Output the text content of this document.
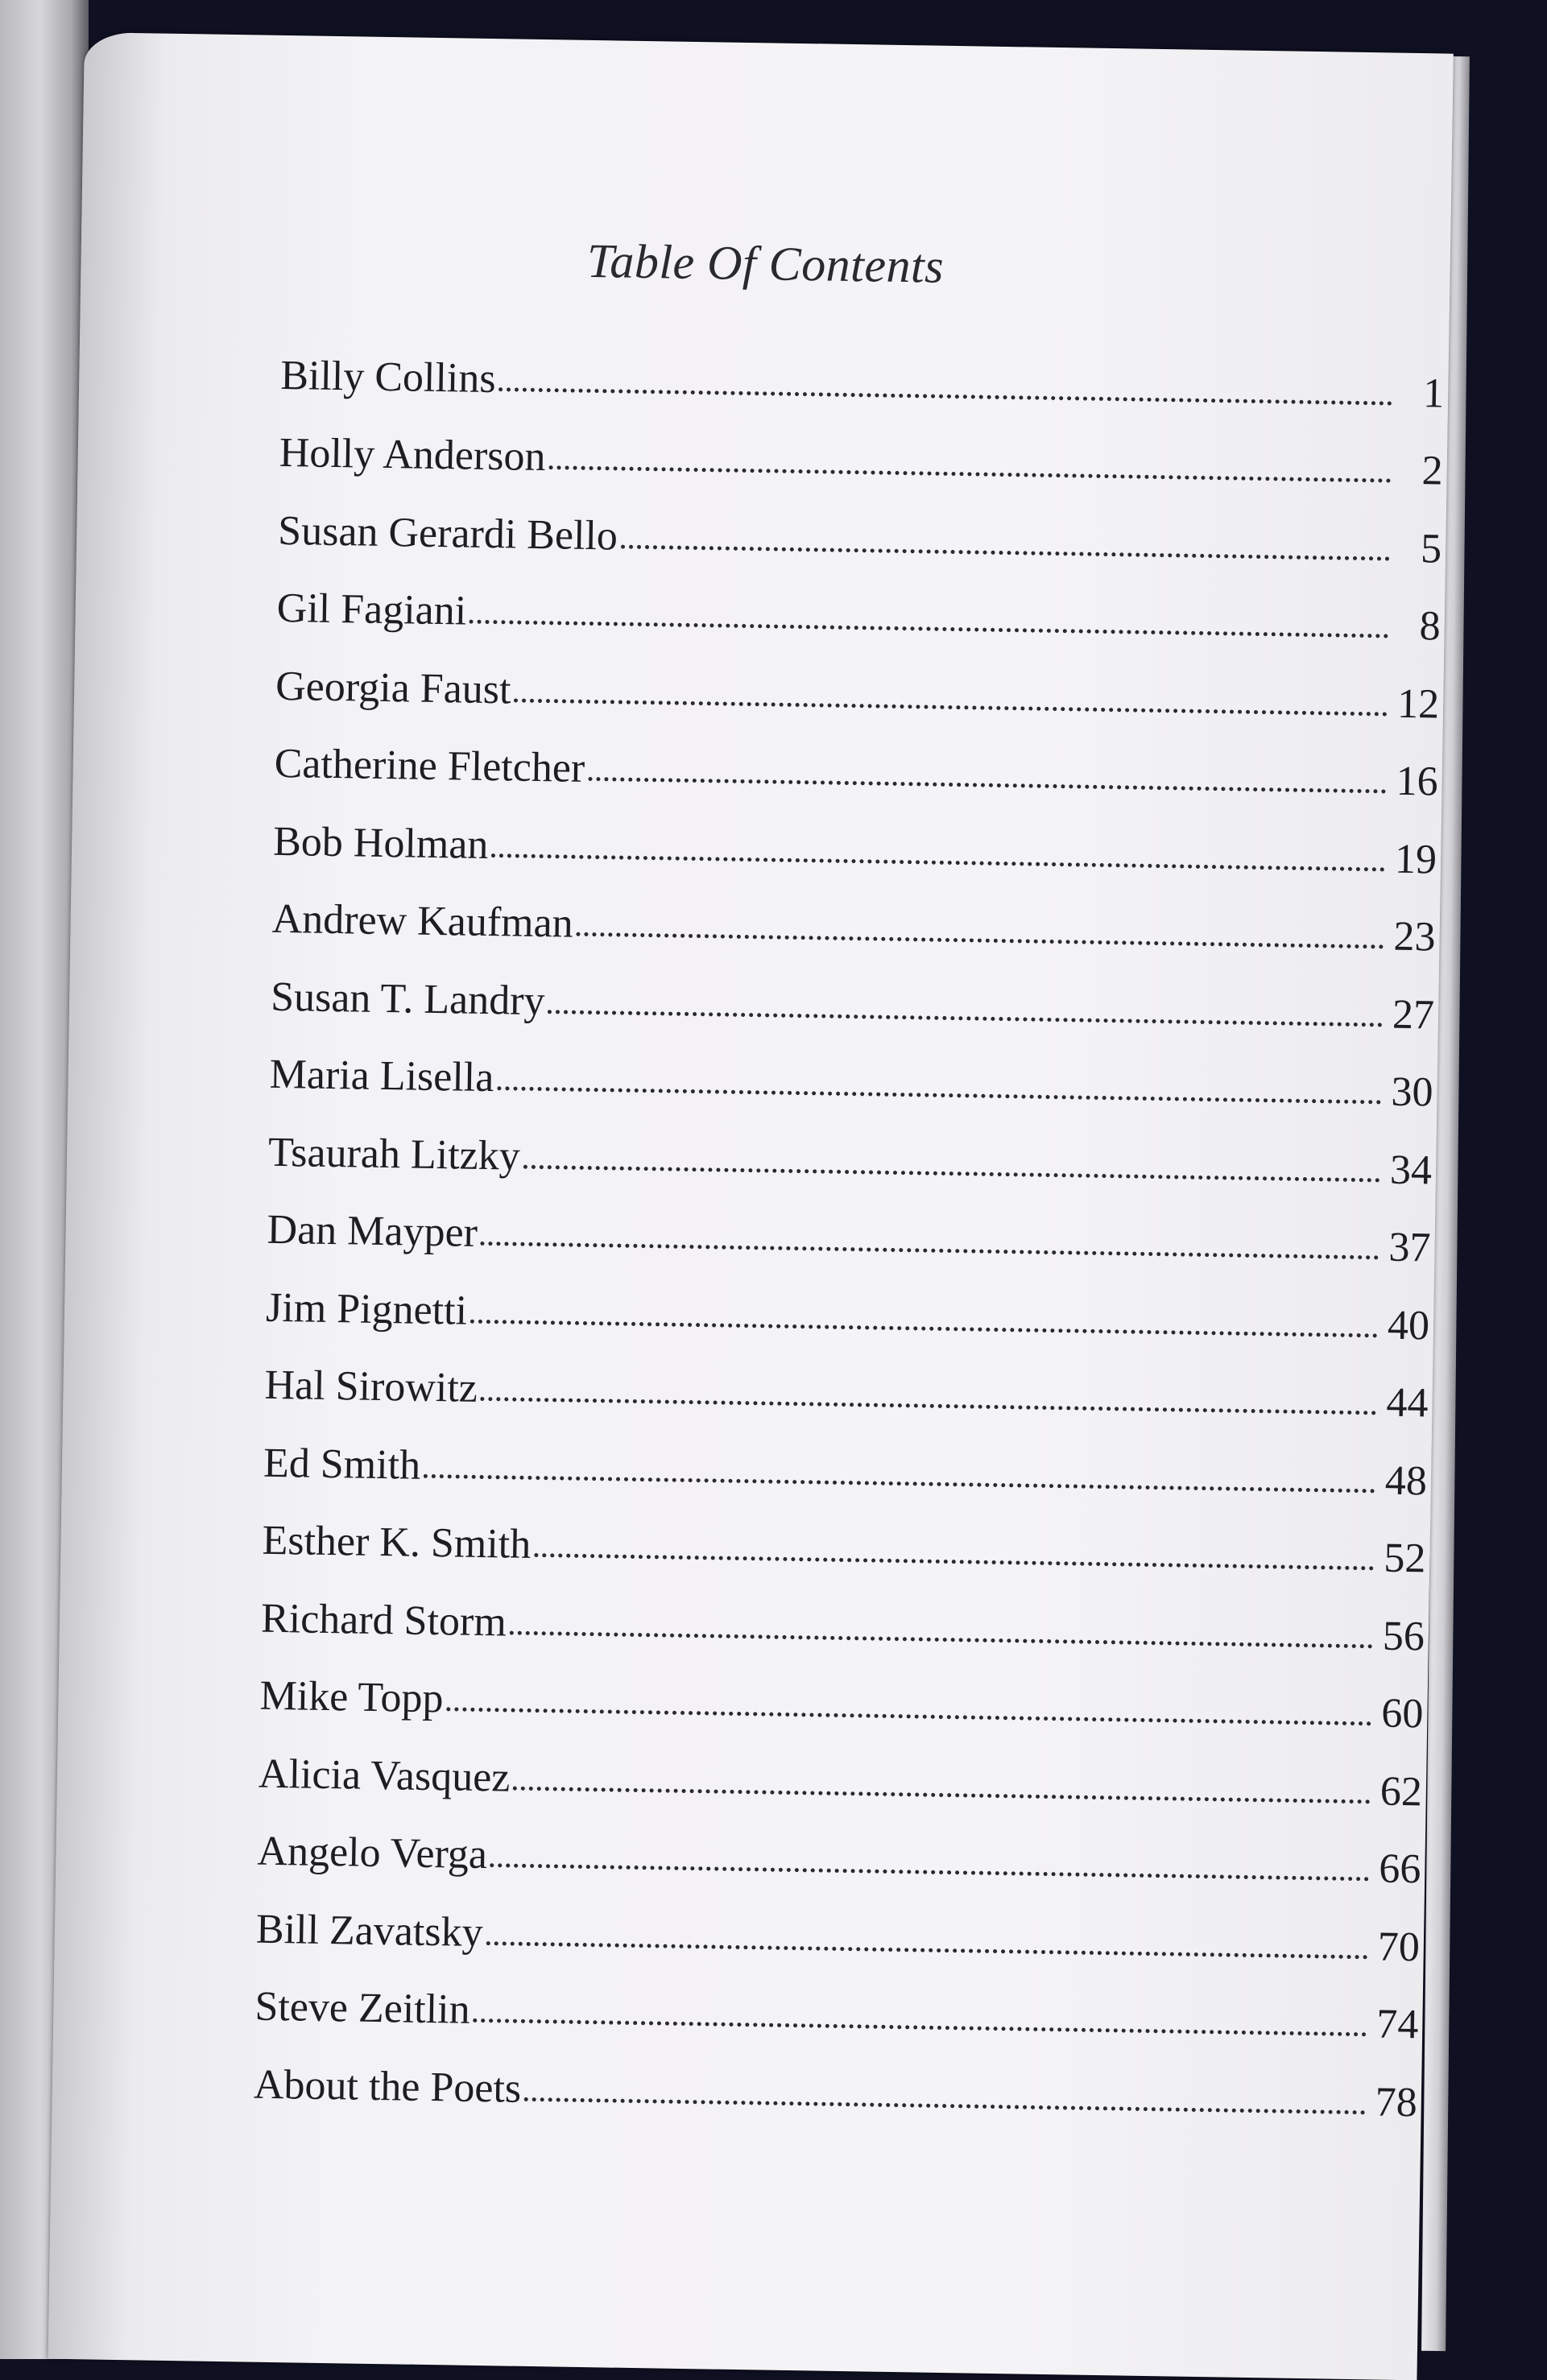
Table Of Contents
Billy Collins	1
Holly Anderson	2
Susan Gerardi Bello	5
Gil Fagiani	8
Georgia Faust	12
Catherine Fletcher	16
Bob Holman	19
Andrew Kaufman	23
Susan T. Landry	27
Maria Lisella	30
Tsaurah Litzky	34
Dan Mayper	37
Jim Pignetti	40
Hal Sirowitz	44
Ed Smith	48
Esther K. Smith	52
Richard Storm	56
Mike Topp	60
Alicia Vasquez	62
Angelo Verga	66
Bill Zavatsky	70
Steve Zeitlin	74
About the Poets	78
